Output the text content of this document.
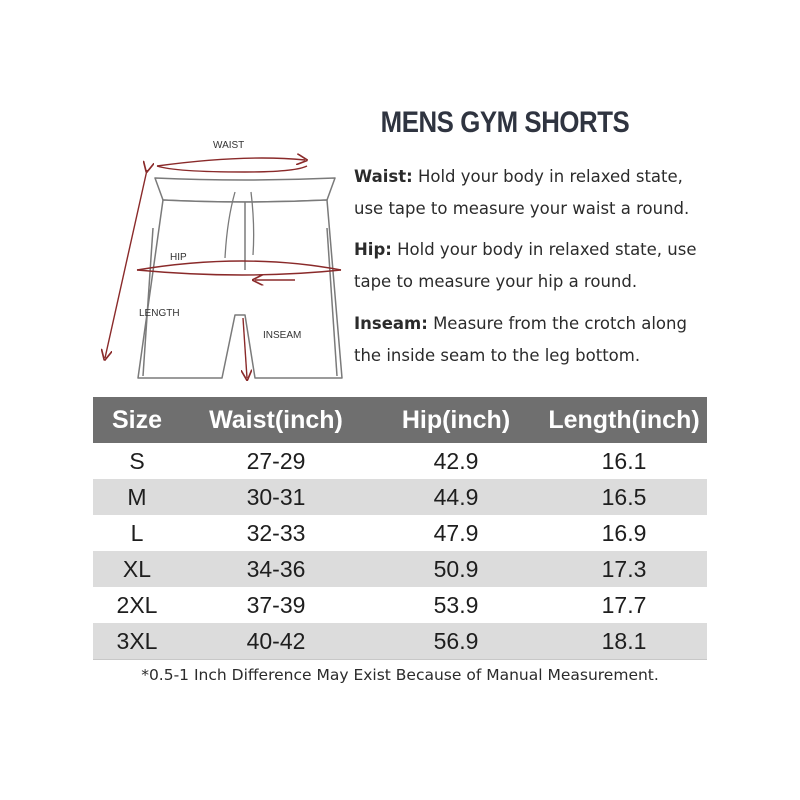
WAIST
HIP
LENGTH
INSEAM
MENS GYM SHORTS
Waist: Hold your body in relaxed state, use tape to measure your waist a round.
Hip: Hold your body in relaxed state, use tape to measure your hip a round.
Inseam: Measure from the crotch along the inside seam to the leg bottom.
Size	Waist(inch)	Hip(inch)	Length(inch)
S	27-29	42.9	16.1
M	30-31	44.9	16.5
L	32-33	47.9	16.9
XL	34-36	50.9	17.3
2XL	37-39	53.9	17.7
3XL	40-42	56.9	18.1
*0.5-1 Inch Difference May Exist Because of Manual Measurement.
